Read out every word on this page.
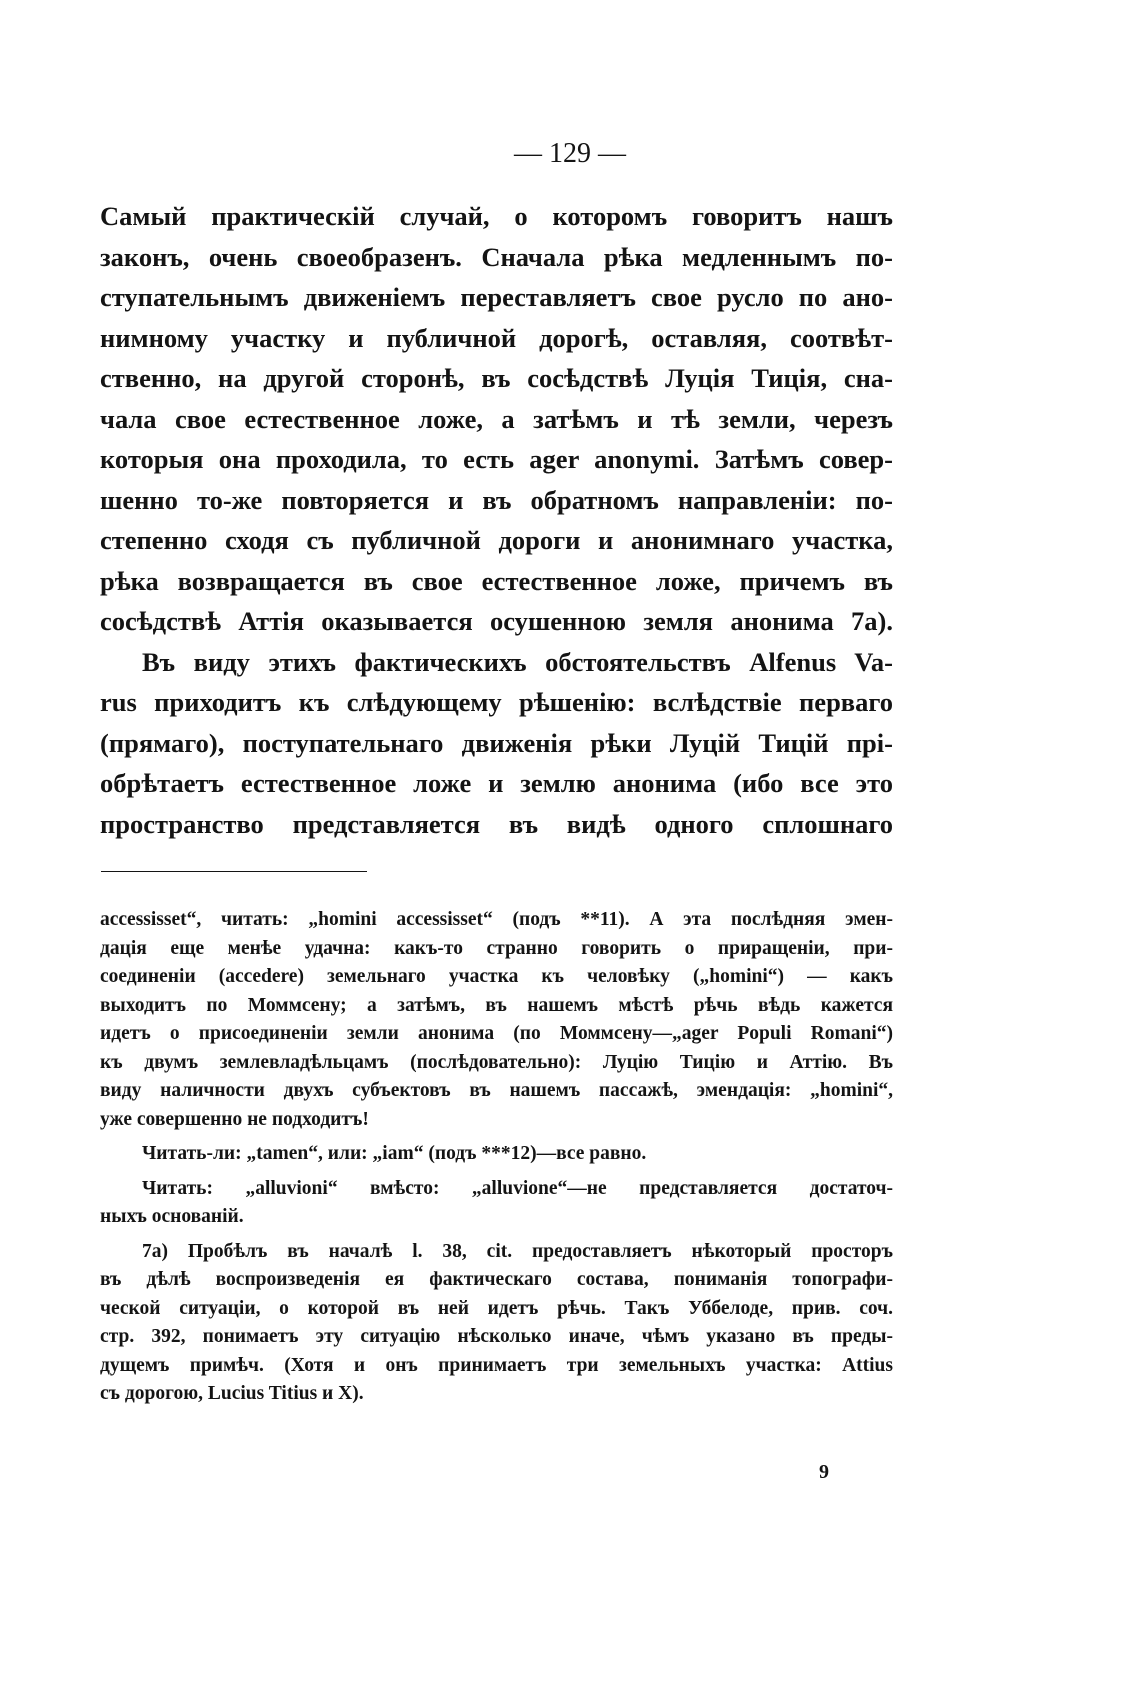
— 129 —
Самый практическій случай, о которомъ говоритъ нашъ
законъ, очень своеобразенъ. Сначала рѣка медленнымъ по-
ступательнымъ движеніемъ переставляетъ свое русло по ано-
нимному участку и публичной дорогѣ, оставляя, соотвѣт-
ственно, на другой сторонѣ, въ сосѣдствѣ Луція Тиція, сна-
чала свое естественное ложе, а затѣмъ и тѣ земли, черезъ
которыя она проходила, то есть ager anonymi. Затѣмъ совер-
шенно то-же повторяется и въ обратномъ направленіи: по-
степенно сходя съ публичной дороги и анонимнаго участка,
рѣка возвращается въ свое естественное ложе, причемъ въ
сосѣдствѣ Аттія оказывается осушенною земля анонима 7a).
Въ виду этихъ фактическихъ обстоятельствъ Alfenus Va-
rus приходитъ къ слѣдующему рѣшенію: вслѣдствіе перваго
(прямаго), поступательнаго движенія рѣки Луцій Тицій прі-
обрѣтаетъ естественное ложе и землю анонима (ибо все это
пространство представляется въ видѣ одного сплошнаго
accessisset“, читать: „homini accessisset“ (подъ **11). А эта послѣдняя эмен-
дація еще менѣе удачна: какъ-то странно говорить о приращеніи, при-
соединеніи (accedere) земельнаго участка къ человѣку („homini“) — какъ
выходитъ по Моммсену; а затѣмъ, въ нашемъ мѣстѣ рѣчь вѣдь кажется
идетъ о присоединеніи земли анонима (по Моммсену—„ager Populi Romani“)
къ двумъ землевладѣльцамъ (послѣдовательно): Луцію Тицію и Аттію. Въ
виду наличности двухъ субъектовъ въ нашемъ пассажѣ, эмендація: „homini“,
уже совершенно не подходитъ!
Читать-ли: „tamen“, или: „iam“ (подъ ***12)—все равно.
Читать: „alluvioni“ вмѣсто: „alluvione“—не представляется достаточ-
ныхъ основаній.
7a) Пробѣлъ въ началѣ l. 38, cit. предоставляетъ нѣкоторый просторъ
въ дѣлѣ воспроизведенія ея фактическаго состава, пониманія топографи-
ческой ситуаціи, о которой въ ней идетъ рѣчь. Такъ Уббелоде, прив. соч.
стр. 392, понимаетъ эту ситуацію нѣсколько иначе, чѣмъ указано въ преды-
дущемъ примѣч. (Хотя и онъ принимаетъ три земельныхъ участка: Attius
съ дорогою, Lucius Titius и X).
9
